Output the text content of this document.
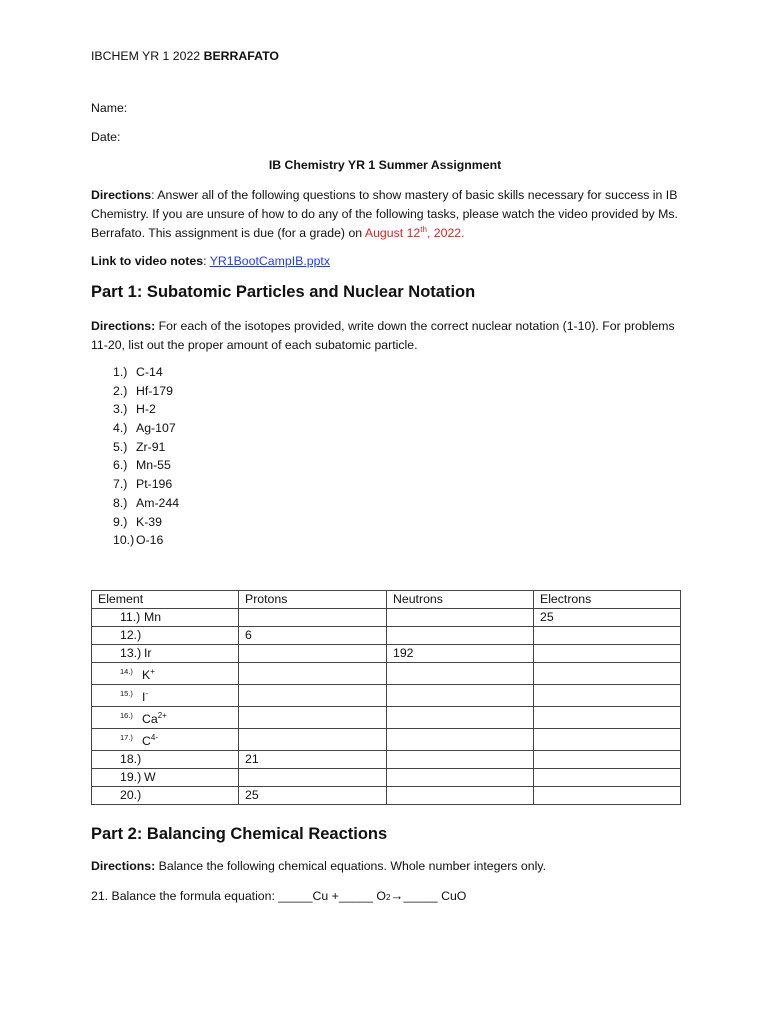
IBCHEM YR 1 2022 BERRAFATO
Name:
Date:
IB Chemistry YR 1 Summer Assignment
Directions: Answer all of the following questions to show mastery of basic skills necessary for success in IB Chemistry. If you are unsure of how to do any of the following tasks, please watch the video provided by Ms. Berrafato. This assignment is due (for a grade) on August 12th, 2022.
Link to video notes: YR1BootCampIB.pptx
Part 1: Subatomic Particles and Nuclear Notation
Directions: For each of the isotopes provided, write down the correct nuclear notation (1-10). For problems 11-20, list out the proper amount of each subatomic particle.
1.) C-14
2.) Hf-179
3.) H-2
4.) Ag-107
5.) Zr-91
6.) Mn-55
7.) Pt-196
8.) Am-244
9.) K-39
10.) O-16
Element	Protons	Neutrons	Electrons
11.) Mn			25
12.)	6		
13.) Ir		192	
14.) K+			
15.) I-			
16.) $Ca^{2+}$			
17.) $C^{4-}$			
18.)	21		
19.) W			
20.)	25		
Part 2: Balancing Chemical Reactions
Directions: Balance the following chemical equations. Whole number integers only.
21. Balance the formula equation: _____Cu +_____ O2→_____ CuO
